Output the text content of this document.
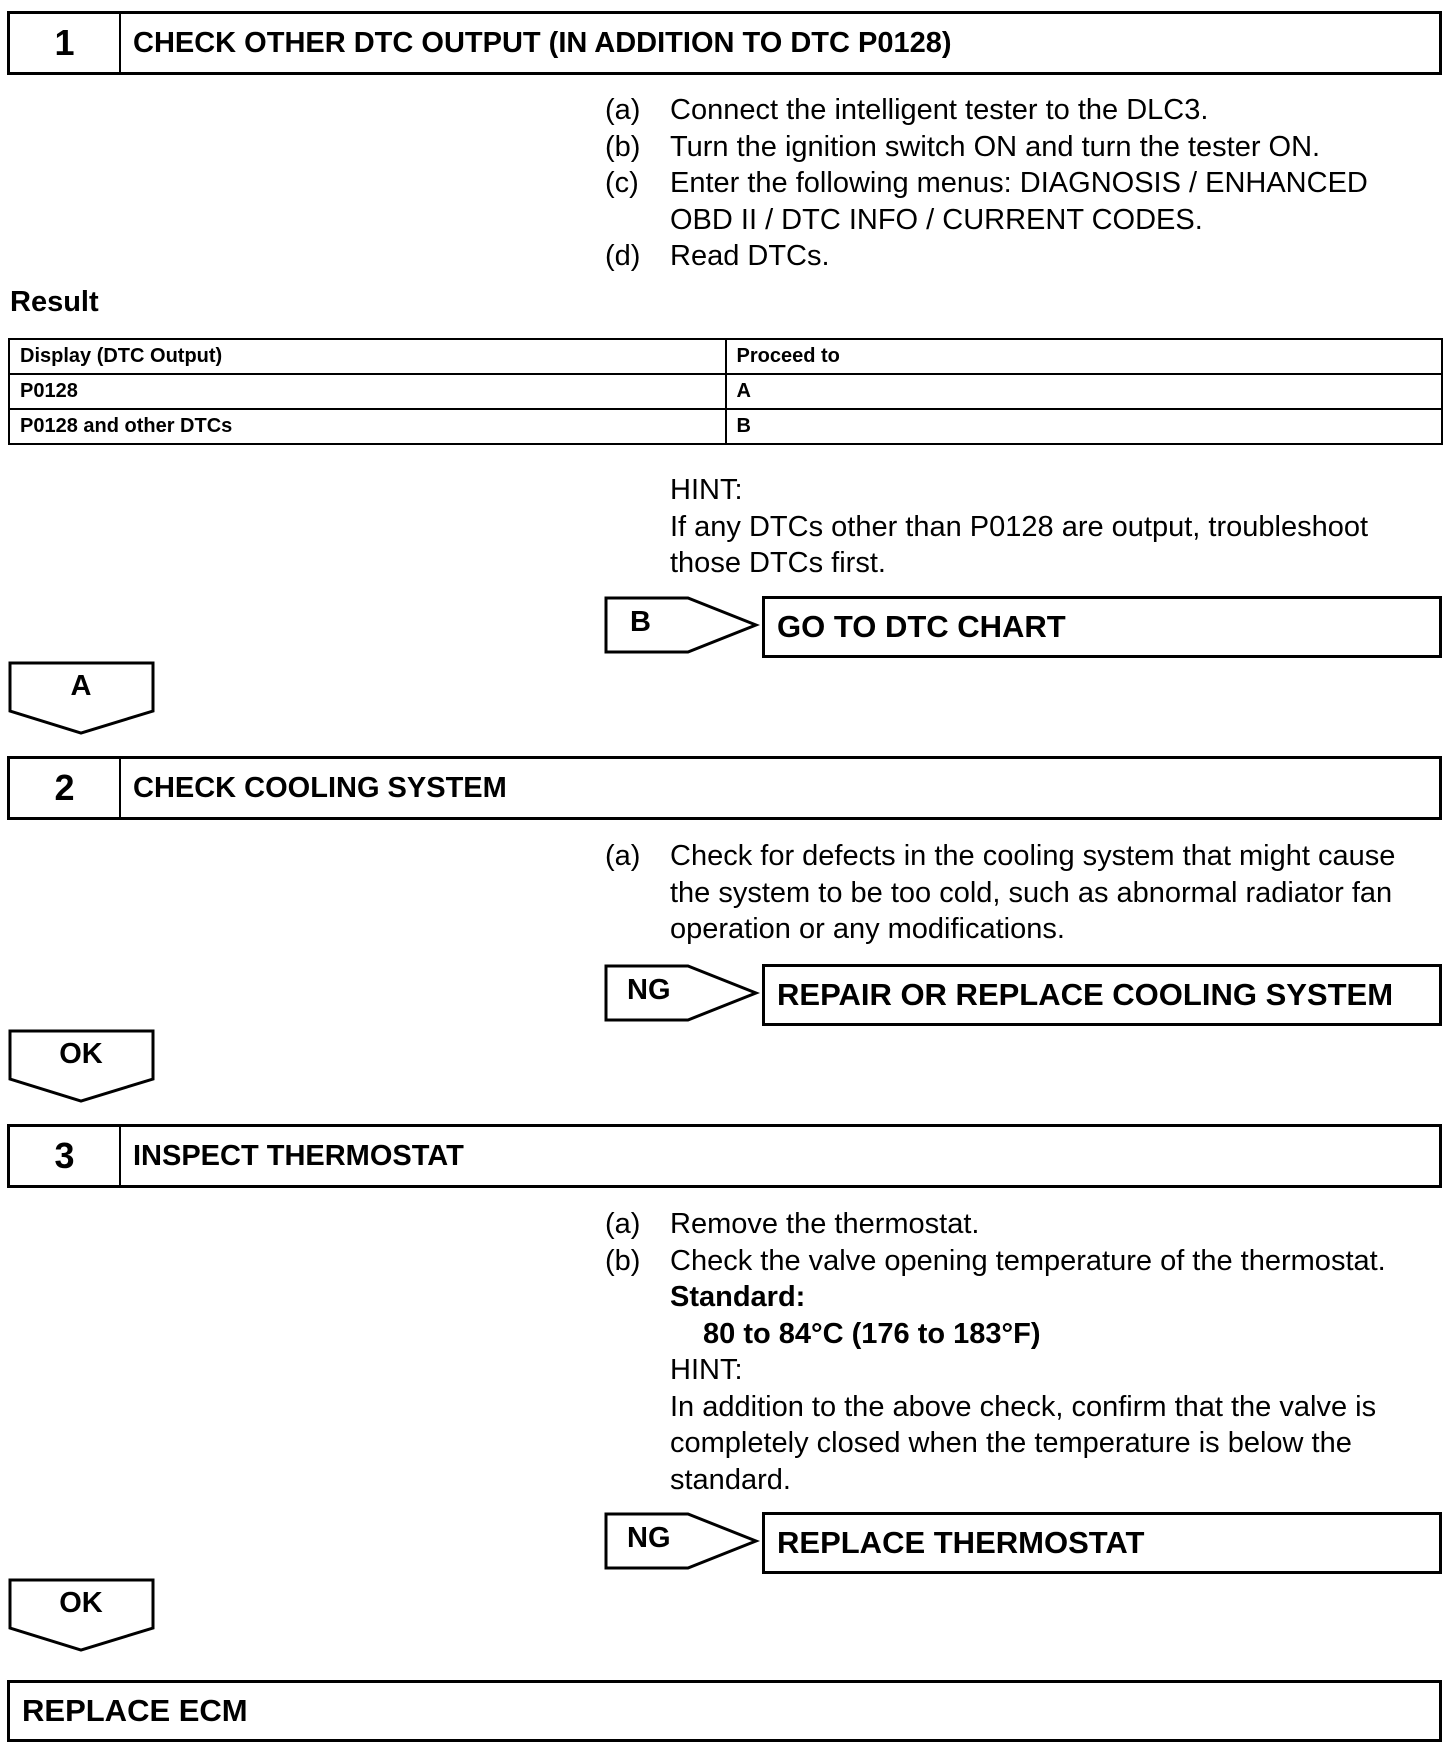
1	CHECK OTHER DTC OUTPUT (IN ADDITION TO DTC P0128)
(a)	Connect the intelligent tester to the DLC3.
(b)	Turn the ignition switch ON and turn the tester ON.
(c)	Enter the following menus: DIAGNOSIS / ENHANCED
OBD II / DTC INFO / CURRENT CODES.
(d)	Read DTCs.
Result
Display (DTC Output)	Proceed to
P0128	A
P0128 and other DTCs	B
HINT:
If any DTCs other than P0128 are output, troubleshoot
those DTCs first.
B	GO TO DTC CHART
A
2	CHECK COOLING SYSTEM
(a)	Check for defects in the cooling system that might cause
the system to be too cold, such as abnormal radiator fan
operation or any modifications.
NG	REPAIR OR REPLACE COOLING SYSTEM
OK
3	INSPECT THERMOSTAT
(a)	Remove the thermostat.
(b)	Check the valve opening temperature of the thermostat.
Standard:
80 to 84°C (176 to 183°F)
HINT:
In addition to the above check, confirm that the valve is
completely closed when the temperature is below the
standard.
NG	REPLACE THERMOSTAT
OK
REPLACE ECM
